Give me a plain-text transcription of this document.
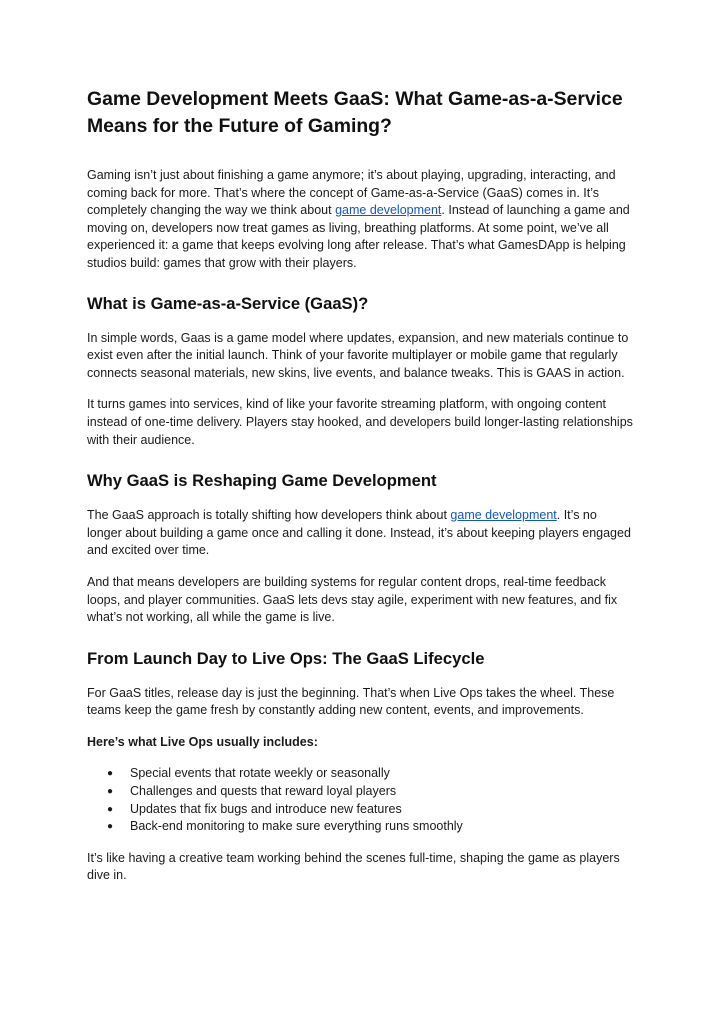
Game Development Meets GaaS: What Game-as-a-Service Means for the Future of Gaming?

Gaming isn’t just about finishing a game anymore; it’s about playing, upgrading, interacting, and coming back for more. That’s where the concept of Game-as-a-Service (GaaS) comes in. It’s completely changing the way we think about game development. Instead of launching a game and moving on, developers now treat games as living, breathing platforms. At some point, we’ve all experienced it: a game that keeps evolving long after release. That’s what GamesDApp is helping studios build: games that grow with their players.

What is Game-as-a-Service (GaaS)?

In simple words, Gaas is a game model where updates, expansion, and new materials continue to exist even after the initial launch. Think of your favorite multiplayer or mobile game that regularly connects seasonal materials, new skins, live events, and balance tweaks. This is GAAS in action.

It turns games into services, kind of like your favorite streaming platform, with ongoing content instead of one-time delivery. Players stay hooked, and developers build longer-lasting relationships with their audience.

Why GaaS is Reshaping Game Development

The GaaS approach is totally shifting how developers think about game development. It’s no longer about building a game once and calling it done. Instead, it’s about keeping players engaged and excited over time.

And that means developers are building systems for regular content drops, real-time feedback loops, and player communities. GaaS lets devs stay agile, experiment with new features, and fix what’s not working, all while the game is live.

From Launch Day to Live Ops: The GaaS Lifecycle

For GaaS titles, release day is just the beginning. That’s when Live Ops takes the wheel. These teams keep the game fresh by constantly adding new content, events, and improvements.

Here’s what Live Ops usually includes:

● Special events that rotate weekly or seasonally
● Challenges and quests that reward loyal players
● Updates that fix bugs and introduce new features
● Back-end monitoring to make sure everything runs smoothly

It’s like having a creative team working behind the scenes full-time, shaping the game as players dive in.
